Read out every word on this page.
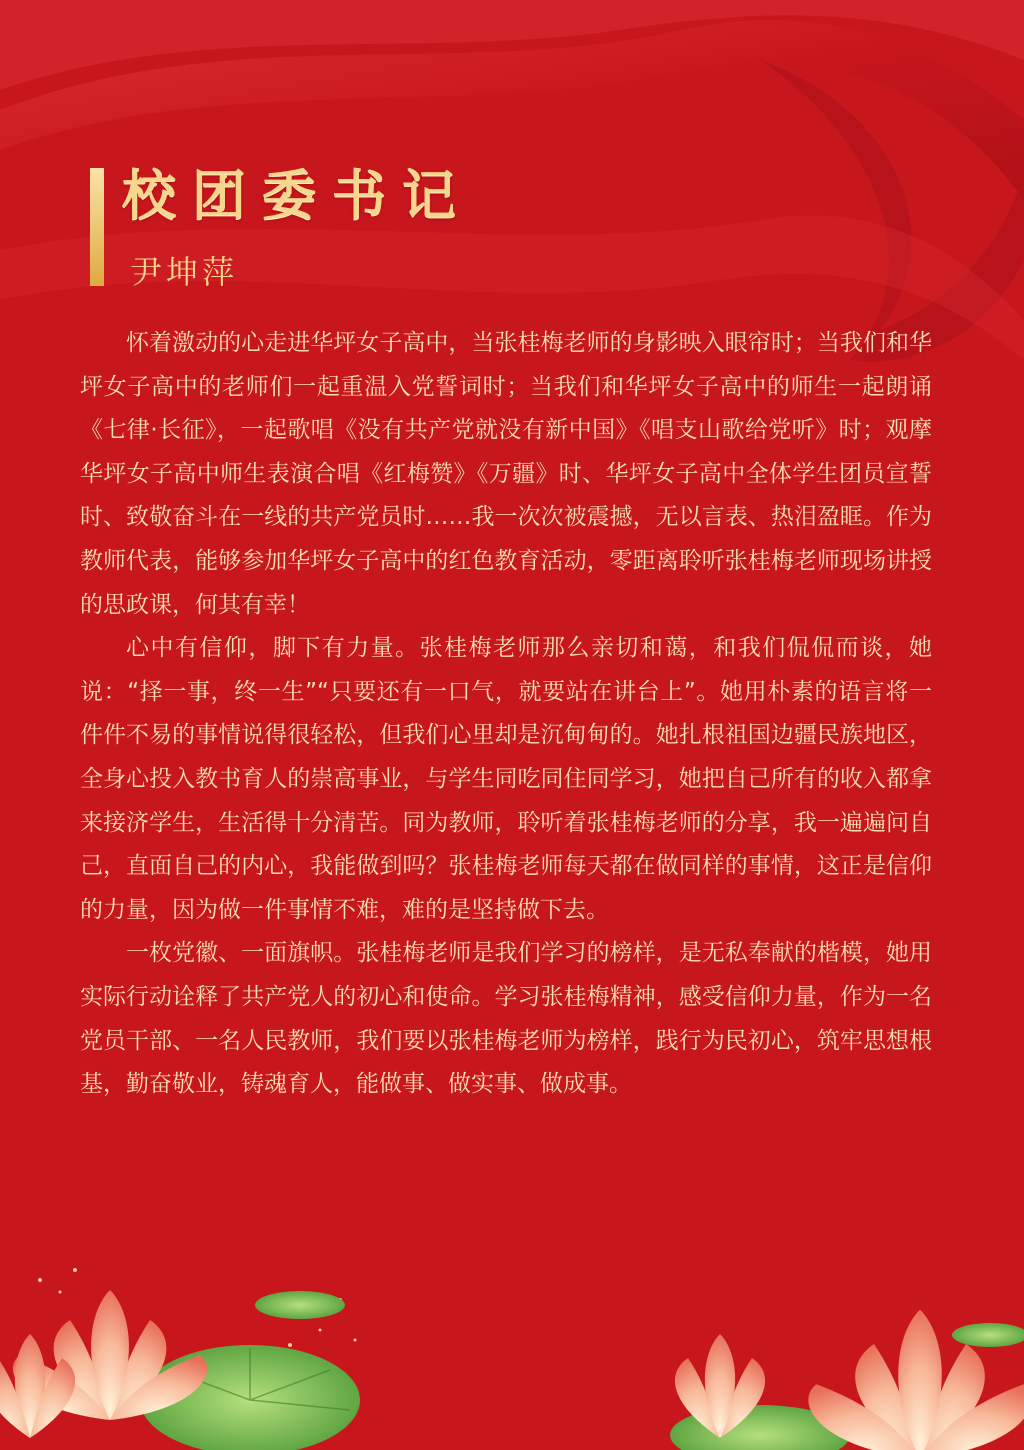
校团委书记
尹坤萍

怀着激动的心走进华坪女子高中，当张桂梅老师的身影映入眼帘时；当我们和华坪女子高中的老师们一起重温入党誓词时；当我们和华坪女子高中的师生一起朗诵《七律·长征》，一起歌唱《没有共产党就没有新中国》《唱支山歌给党听》时；观摩华坪女子高中师生表演合唱《红梅赞》《万疆》时、华坪女子高中全体学生团员宣誓时、致敬奋斗在一线的共产党员时……我一次次被震撼，无以言表、热泪盈眶。作为教师代表，能够参加华坪女子高中的红色教育活动，零距离聆听张桂梅老师现场讲授的思政课，何其有幸！

心中有信仰，脚下有力量。张桂梅老师那么亲切和蔼，和我们侃侃而谈，她说：“择一事，终一生”“只要还有一口气，就要站在讲台上”。她用朴素的语言将一件件不易的事情说得很轻松，但我们心里却是沉甸甸的。她扎根祖国边疆民族地区，全身心投入教书育人的崇高事业，与学生同吃同住同学习，她把自己所有的收入都拿来接济学生，生活得十分清苦。同为教师，聆听着张桂梅老师的分享，我一遍遍问自己，直面自己的内心，我能做到吗？张桂梅老师每天都在做同样的事情，这正是信仰的力量，因为做一件事情不难，难的是坚持做下去。

一枚党徽、一面旗帜。张桂梅老师是我们学习的榜样，是无私奉献的楷模，她用实际行动诠释了共产党人的初心和使命。学习张桂梅精神，感受信仰力量，作为一名党员干部、一名人民教师，我们要以张桂梅老师为榜样，践行为民初心，筑牢思想根基，勤奋敬业，铸魂育人，能做事、做实事、做成事。
